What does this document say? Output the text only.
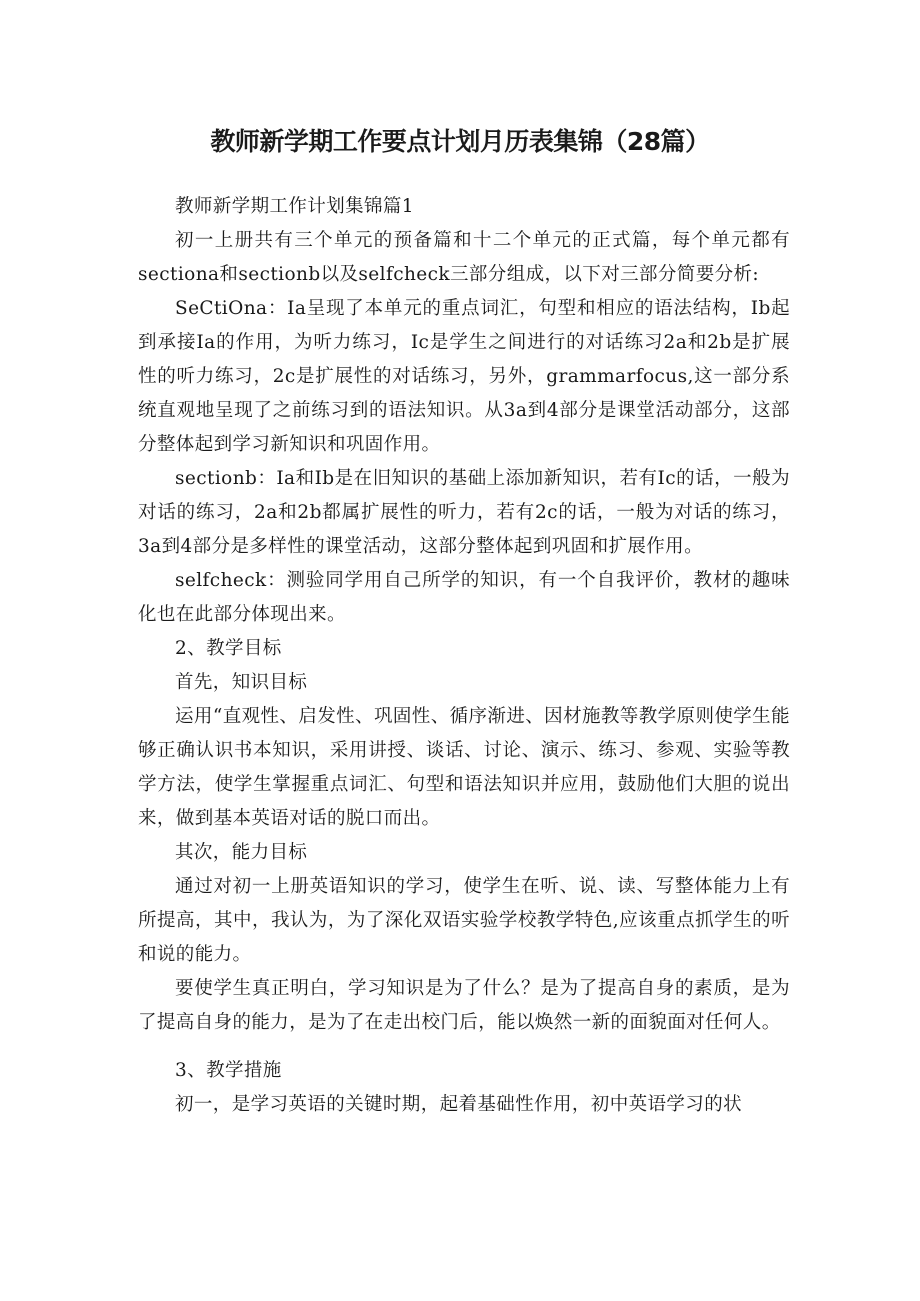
教师新学期工作要点计划月历表集锦（28篇）

教师新学期工作计划集锦篇1

初一上册共有三个单元的预备篇和十二个单元的正式篇，每个单元都有sectiona和sectionb以及selfcheck三部分组成，以下对三部分简要分析:

SeCtiOna：Ia呈现了本单元的重点词汇，句型和相应的语法结构，Ib起到承接Ia的作用，为听力练习，Ic是学生之间进行的对话练习2a和2b是扩展性的听力练习，2c是扩展性的对话练习，另外，grammarfocus,这一部分系统直观地呈现了之前练习到的语法知识。从3a到4部分是课堂活动部分，这部分整体起到学习新知识和巩固作用。

sectionb：Ia和Ib是在旧知识的基础上添加新知识，若有Ic的话，一般为对话的练习，2a和2b都属扩展性的听力，若有2c的话，一般为对话的练习，3a到4部分是多样性的课堂活动，这部分整体起到巩固和扩展作用。

selfcheck：测验同学用自己所学的知识，有一个自我评价，教材的趣味化也在此部分体现出来。

2、教学目标

首先，知识目标

运用“直观性、启发性、巩固性、循序渐进、因材施教等教学原则使学生能够正确认识书本知识，采用讲授、谈话、讨论、演示、练习、参观、实验等教学方法，使学生掌握重点词汇、句型和语法知识并应用，鼓励他们大胆的说出来，做到基本英语对话的脱口而出。

其次，能力目标

通过对初一上册英语知识的学习，使学生在听、说、读、写整体能力上有所提高，其中，我认为，为了深化双语实验学校教学特色,应该重点抓学生的听和说的能力。

要使学生真正明白，学习知识是为了什么？是为了提高自身的素质，是为了提高自身的能力，是为了在走出校门后，能以焕然一新的面貌面对任何人。

3、教学措施

初一，是学习英语的关键时期，起着基础性作用，初中英语学习的状
